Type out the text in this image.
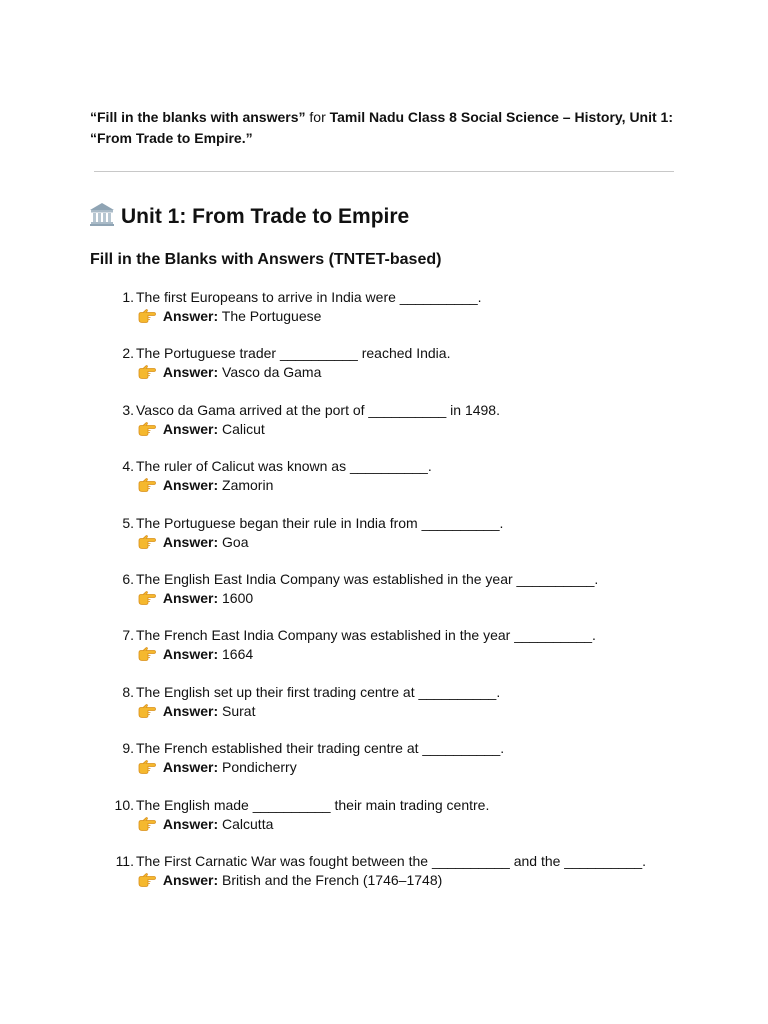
“Fill in the blanks with answers” for Tamil Nadu Class 8 Social Science – History, Unit 1: “From Trade to Empire.”

Unit 1: From Trade to Empire
Fill in the Blanks with Answers (TNTET-based)
1. The first Europeans to arrive in India were __________.
Answer: The Portuguese
2. The Portuguese trader __________ reached India.
Answer: Vasco da Gama
3. Vasco da Gama arrived at the port of __________ in 1498.
Answer: Calicut
4. The ruler of Calicut was known as __________.
Answer: Zamorin
5. The Portuguese began their rule in India from __________.
Answer: Goa
6. The English East India Company was established in the year __________.
Answer: 1600
7. The French East India Company was established in the year __________.
Answer: 1664
8. The English set up their first trading centre at __________.
Answer: Surat
9. The French established their trading centre at __________.
Answer: Pondicherry
10. The English made __________ their main trading centre.
Answer: Calcutta
11. The First Carnatic War was fought between the __________ and the __________.
Answer: British and the French (1746–1748)
